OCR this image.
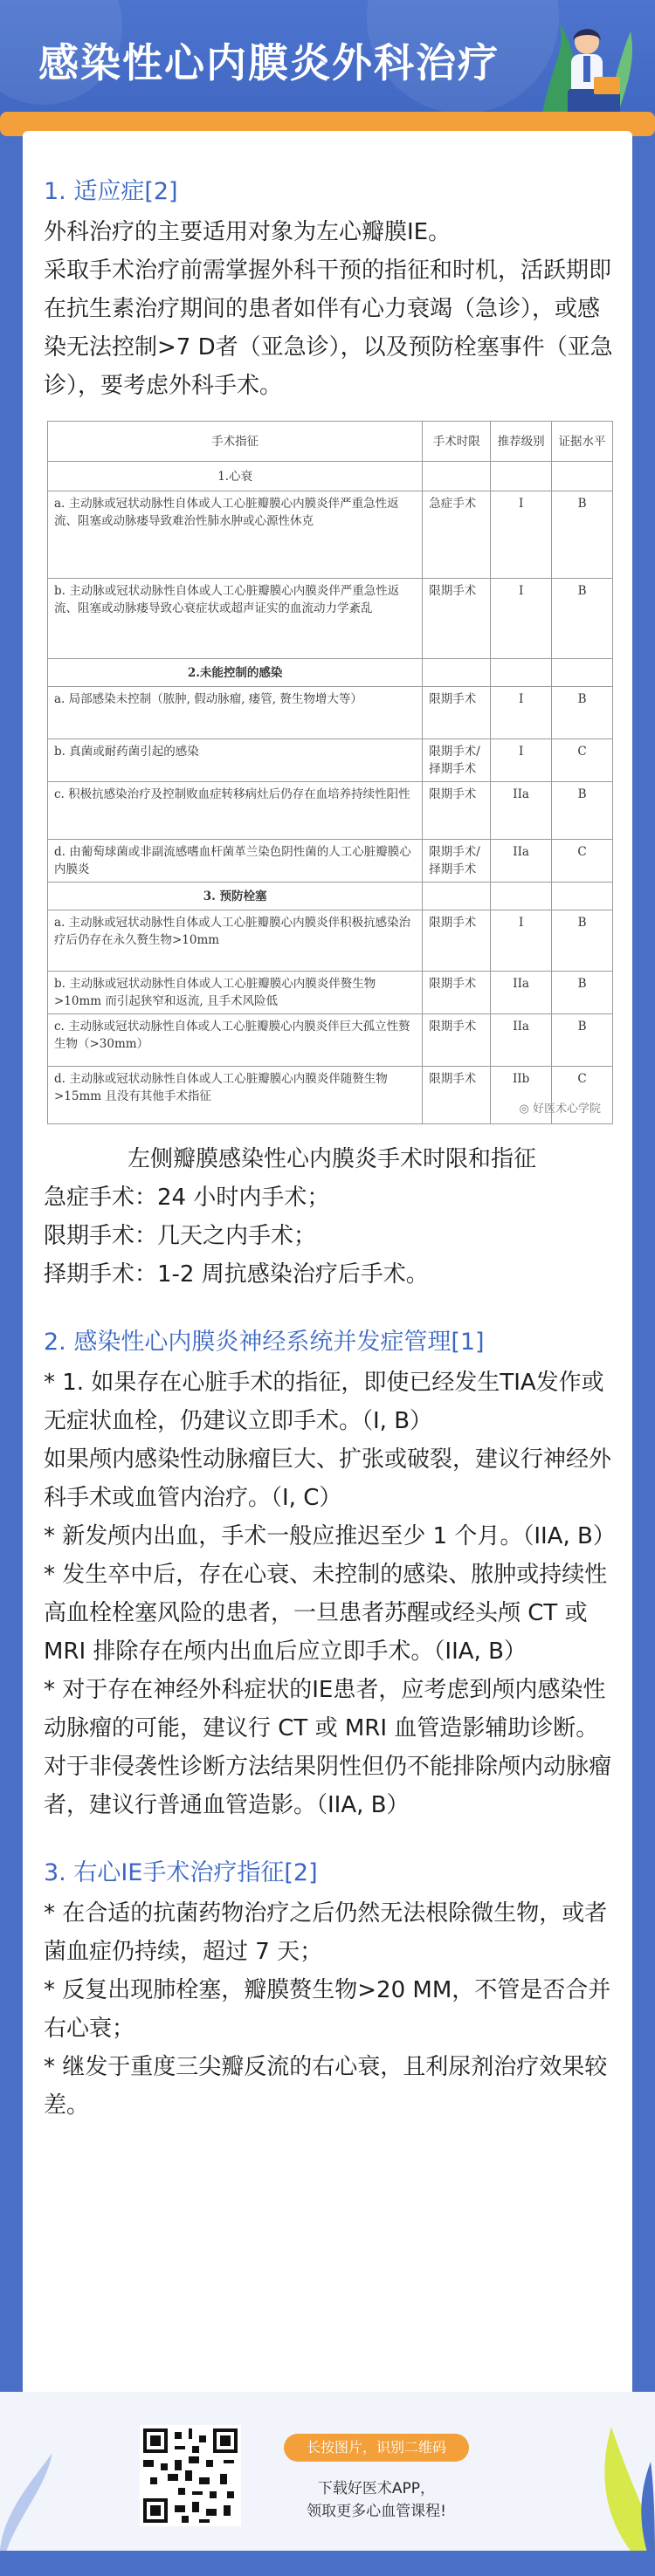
感染性心内膜炎外科治疗
1. 适应症[2]
外科治疗的主要适用对象为左心瓣膜IE。
采取手术治疗前需掌握外科干预的指征和时机，活跃期即在抗生素治疗期间的患者如伴有心力衰竭（急诊），或感染无法控制>7 D者（亚急诊），以及预防栓塞事件（亚急诊），要考虑外科手术。
手术指征	手术时限	推荐级别	证据水平
1.心衰			
a. 主动脉或冠状动脉性自体或人工心脏瓣膜心内膜炎伴严重急性返流、阻塞或动脉瘘导致难治性肺水肿或心源性休克	急症手术	I	B
b. 主动脉或冠状动脉性自体或人工心脏瓣膜心内膜炎伴严重急性返流、阻塞或动脉瘘导致心衰症状或超声证实的血流动力学紊乱	限期手术	I	B
2.未能控制的感染			
a. 局部感染未控制（脓肿, 假动脉瘤, 瘘管, 赘生物增大等）	限期手术	I	B
b. 真菌或耐药菌引起的感染	限期手术/择期手术	I	C
c. 积极抗感染治疗及控制败血症转移病灶后仍存在血培养持续性阳性	限期手术	IIa	B
d. 由葡萄球菌或非副流感嗜血杆菌革兰染色阴性菌的人工心脏瓣膜心内膜炎	限期手术/择期手术	IIa	C
3. 预防栓塞			
a. 主动脉或冠状动脉性自体或人工心脏瓣膜心内膜炎伴积极抗感染治疗后仍存在永久赘生物>10mm	限期手术	I	B
b. 主动脉或冠状动脉性自体或人工心脏瓣膜心内膜炎伴赘生物>10mm 而引起狭窄和返流, 且手术风险低	限期手术	IIa	B
c. 主动脉或冠状动脉性自体或人工心脏瓣膜心内膜炎伴巨大孤立性赘生物（>30mm）	限期手术	IIa	B
d. 主动脉或冠状动脉性自体或人工心脏瓣膜心内膜炎伴随赘生物>15mm 且没有其他手术指征	限期手术	IIb	C
◎ 好医术心学院
左侧瓣膜感染性心内膜炎手术时限和指征
急症手术：24 小时内手术；
限期手术：几天之内手术；
择期手术：1-2 周抗感染治疗后手术。
2. 感染性心内膜炎神经系统并发症管理[1]
* 1. 如果存在心脏手术的指征，即使已经发生TIA发作或无症状血栓，仍建议立即手术。（I, B）
如果颅内感染性动脉瘤巨大、扩张或破裂，建议行神经外科手术或血管内治疗。（I, C）
* 新发颅内出血，手术一般应推迟至少 1 个月。（IIA, B）
* 发生卒中后，存在心衰、未控制的感染、脓肿或持续性高血栓栓塞风险的患者，一旦患者苏醒或经头颅 CT 或 MRI 排除存在颅内出血后应立即手术。（IIA, B）
* 对于存在神经外科症状的IE患者，应考虑到颅内感染性动脉瘤的可能，建议行 CT 或 MRI 血管造影辅助诊断。对于非侵袭性诊断方法结果阴性但仍不能排除颅内动脉瘤者，建议行普通血管造影。（IIA, B）
3. 右心IE手术治疗指征[2]
* 在合适的抗菌药物治疗之后仍然无法根除微生物，或者菌血症仍持续，超过 7 天；
* 反复出现肺栓塞，瓣膜赘生物>20 MM，不管是否合并右心衰；
* 继发于重度三尖瓣反流的右心衰，且利尿剂治疗效果较差。
长按图片，识别二维码
下载好医术APP，
领取更多心血管课程!
